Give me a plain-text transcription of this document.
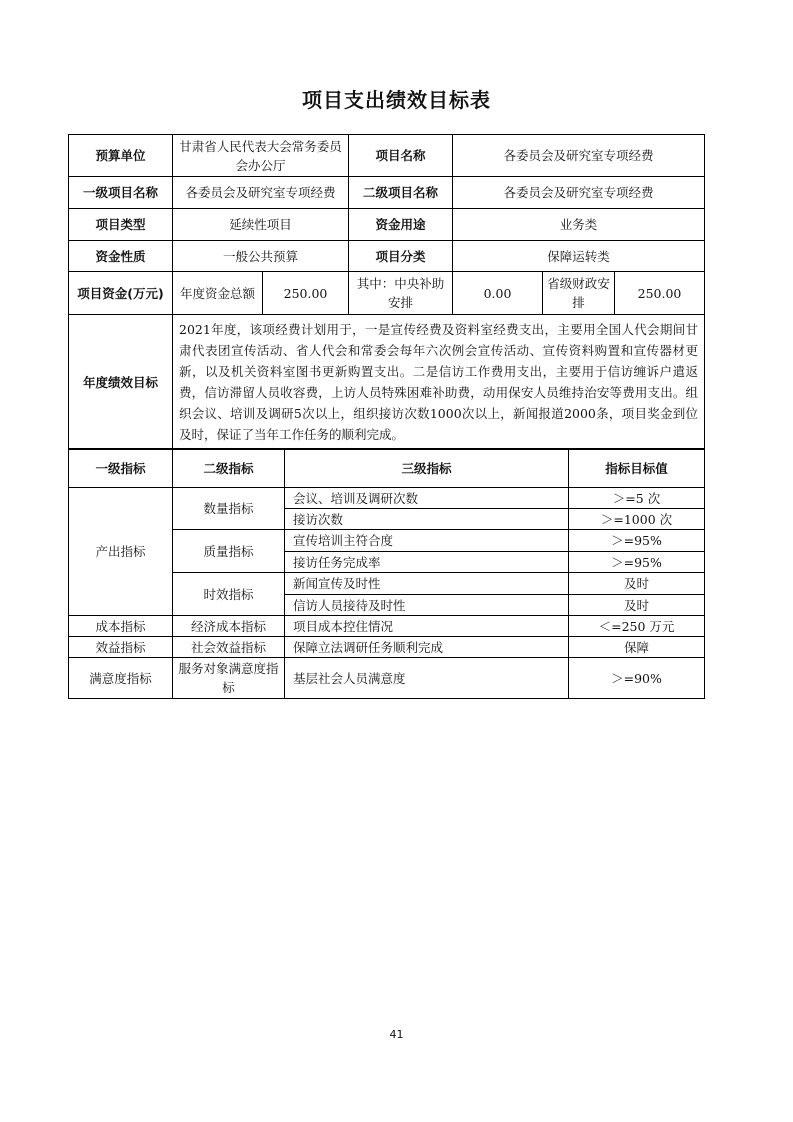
项目支出绩效目标表
预算单位	甘肃省人民代表大会常务委员会办公厅		项目名称	各委员会及研究室专项经费		
一级项目名称	各委员会及研究室专项经费		二级项目名称	各委员会及研究室专项经费		
项目类型	延续性项目		资金用途	业务类		
资金性质	一般公共预算		项目分类	保障运转类		
项目资金(万元)	年度资金总额	250.00	其中：中央补助安排	0.00	省级财政安排	250.00
年度绩效目标	2021年度，该项经费计划用于，一是宣传经费及资料室经费支出，主要用全国人代会期间甘肃代表团宣传活动、省人代会和常委会每年六次例会宣传活动、宣传资料购置和宣传器材更新，以及机关资料室图书更新购置支出。二是信访工作费用支出，主要用于信访缠诉户遣返费，信访滞留人员收容费，上访人员特殊困难补助费，动用保安人员维持治安等费用支出。组织会议、培训及调研5次以上，组织接访次数1000次以上，新闻报道2000条，项目奖金到位及时，保证了当年工作任务的顺利完成。					
一级指标	二级指标	三级指标	指标目标值
产出指标	数量指标	会议、培训及调研次数	＞=5 次
		接访次数	＞=1000 次
	质量指标	宣传培训主符合度	＞=95%
		接访任务完成率	＞=95%
	时效指标	新闻宣传及时性	及时
		信访人员接待及时性	及时
成本指标	经济成本指标	项目成本控住情况	＜=250 万元
效益指标	社会效益指标	保障立法调研任务顺利完成	保障
满意度指标	服务对象满意度指标	基层社会人员满意度	＞=90%
41
